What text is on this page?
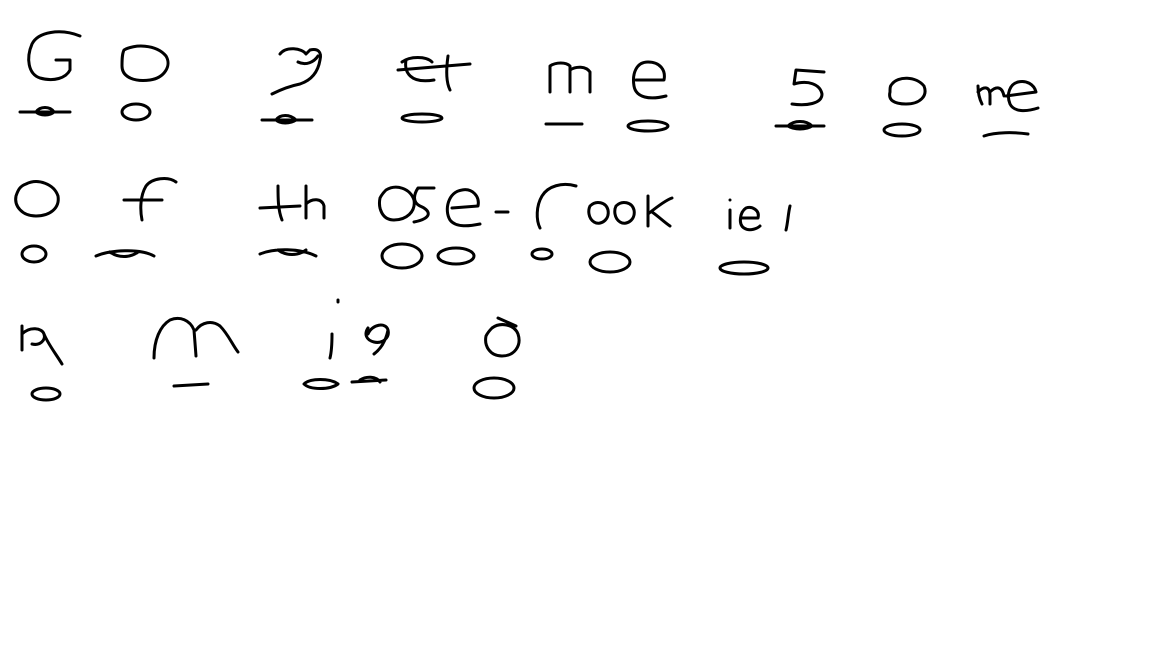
Go get me some of those Cookies amigo
